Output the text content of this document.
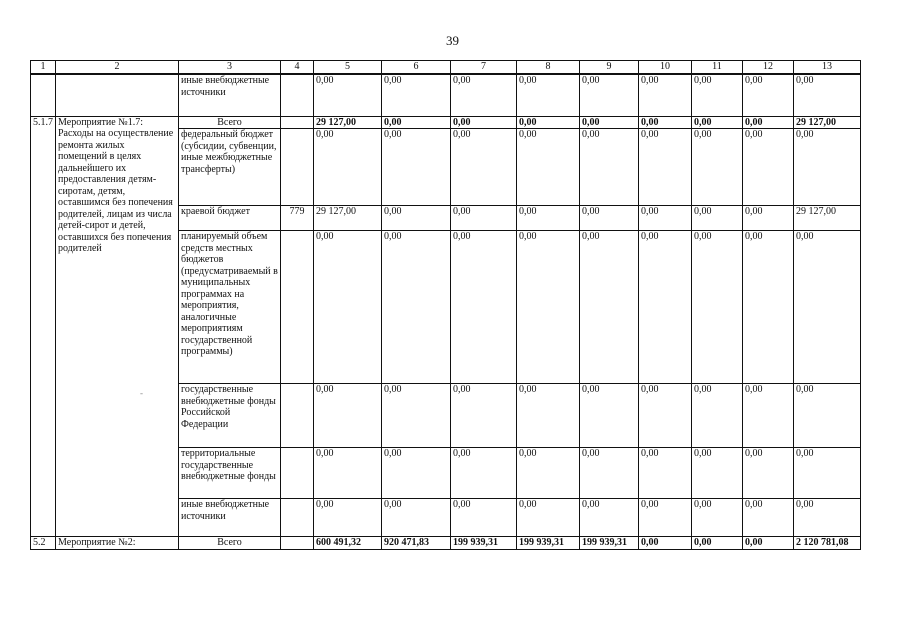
39
1	2	3	4	5	6	7	8	9	10	11	12	13
		иные внебюджетные источники		0,00	0,00	0,00	0,00	0,00	0,00	0,00	0,00	0,00
5.1.7	Мероприятие №1.7: Расходы на осуществление ремонта жилых помещений в целях дальнейшего их предоставления детям-сиротам, детям, оставшимся без попечения родителей, лицам из числа детей-сирот и детей, оставшихся без попечения родителей	Всего		29 127,00	0,00	0,00	0,00	0,00	0,00	0,00	0,00	29 127,00
		федеральный бюджет (субсидии, субвенции, иные межбюджетные трансферты)		0,00	0,00	0,00	0,00	0,00	0,00	0,00	0,00	0,00
		краевой бюджет	779	29 127,00	0,00	0,00	0,00	0,00	0,00	0,00	0,00	29 127,00
		планируемый объем средств местных бюджетов (предусматриваемый в муниципальных программах на мероприятия, аналогичные мероприятиям государственной программы)		0,00	0,00	0,00	0,00	0,00	0,00	0,00	0,00	0,00
		государственные внебюджетные фонды Российской Федерации		0,00	0,00	0,00	0,00	0,00	0,00	0,00	0,00	0,00
		территориальные государственные внебюджетные фонды		0,00	0,00	0,00	0,00	0,00	0,00	0,00	0,00	0,00
		иные внебюджетные источники		0,00	0,00	0,00	0,00	0,00	0,00	0,00	0,00	0,00
5.2	Мероприятие №2:	Всего		600 491,32	920 471,83	199 939,31	199 939,31	199 939,31	0,00	0,00	0,00	2 120 781,08
-
